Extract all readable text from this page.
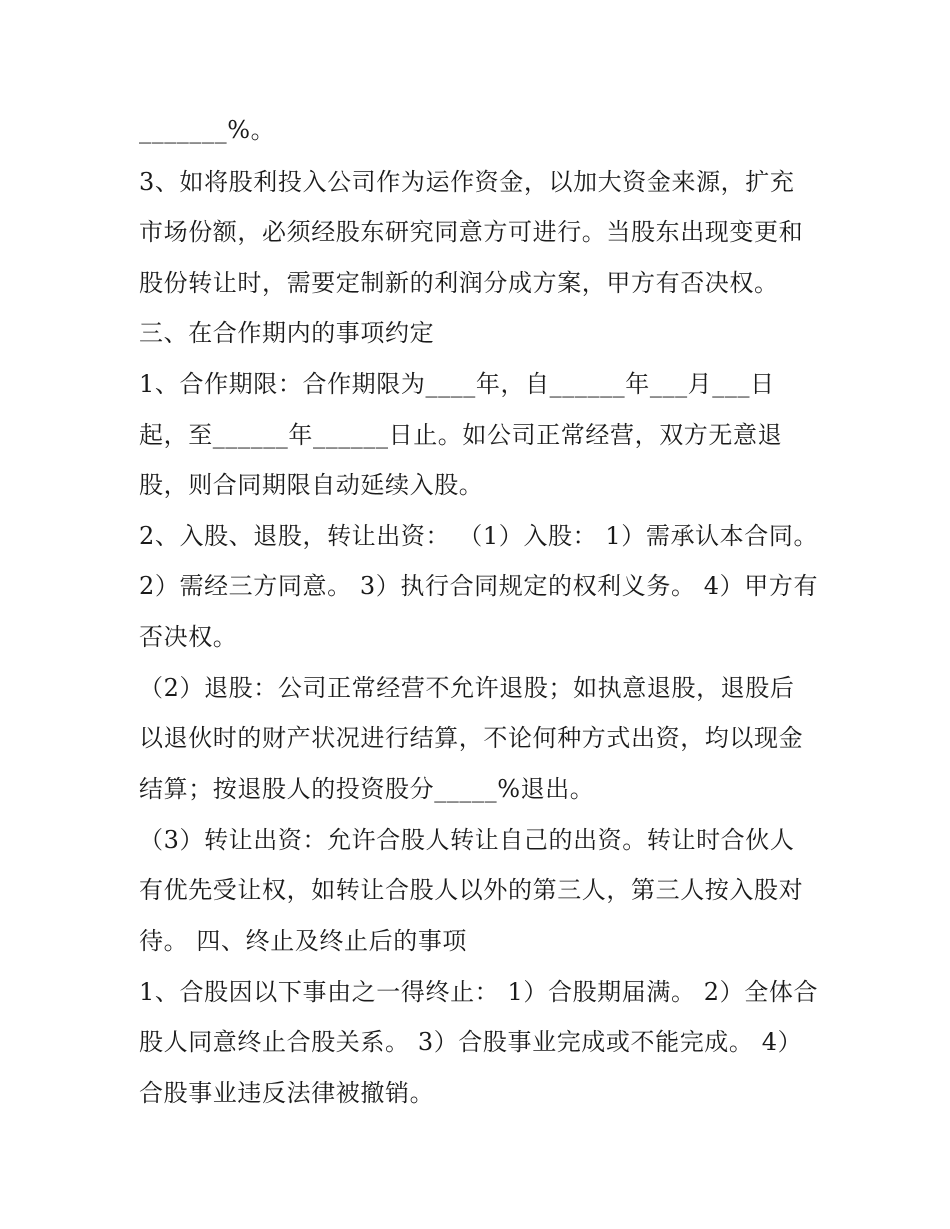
_______%。
3、如将股利投入公司作为运作资金，以加大资金来源，扩充
市场份额，必须经股东研究同意方可进行。当股东出现变更和
股份转让时，需要定制新的利润分成方案，甲方有否决权。
三、在合作期内的事项约定
1、合作期限：合作期限为____年，自______年___月___日
起，至______年______日止。如公司正常经营，双方无意退
股，则合同期限自动延续入股。
2、入股、退股，转让出资： （1）入股： 1）需承认本合同。
2）需经三方同意。 3）执行合同规定的权利义务。 4）甲方有
否决权。
（2）退股：公司正常经营不允许退股；如执意退股，退股后
以退伙时的财产状况进行结算，不论何种方式出资，均以现金
结算；按退股人的投资股分_____%退出。
（3）转让出资：允许合股人转让自己的出资。转让时合伙人
有优先受让权，如转让合股人以外的第三人，第三人按入股对
待。 四、终止及终止后的事项
1、合股因以下事由之一得终止： 1）合股期届满。 2）全体合
股人同意终止合股关系。 3）合股事业完成或不能完成。 4）
合股事业违反法律被撤销。
